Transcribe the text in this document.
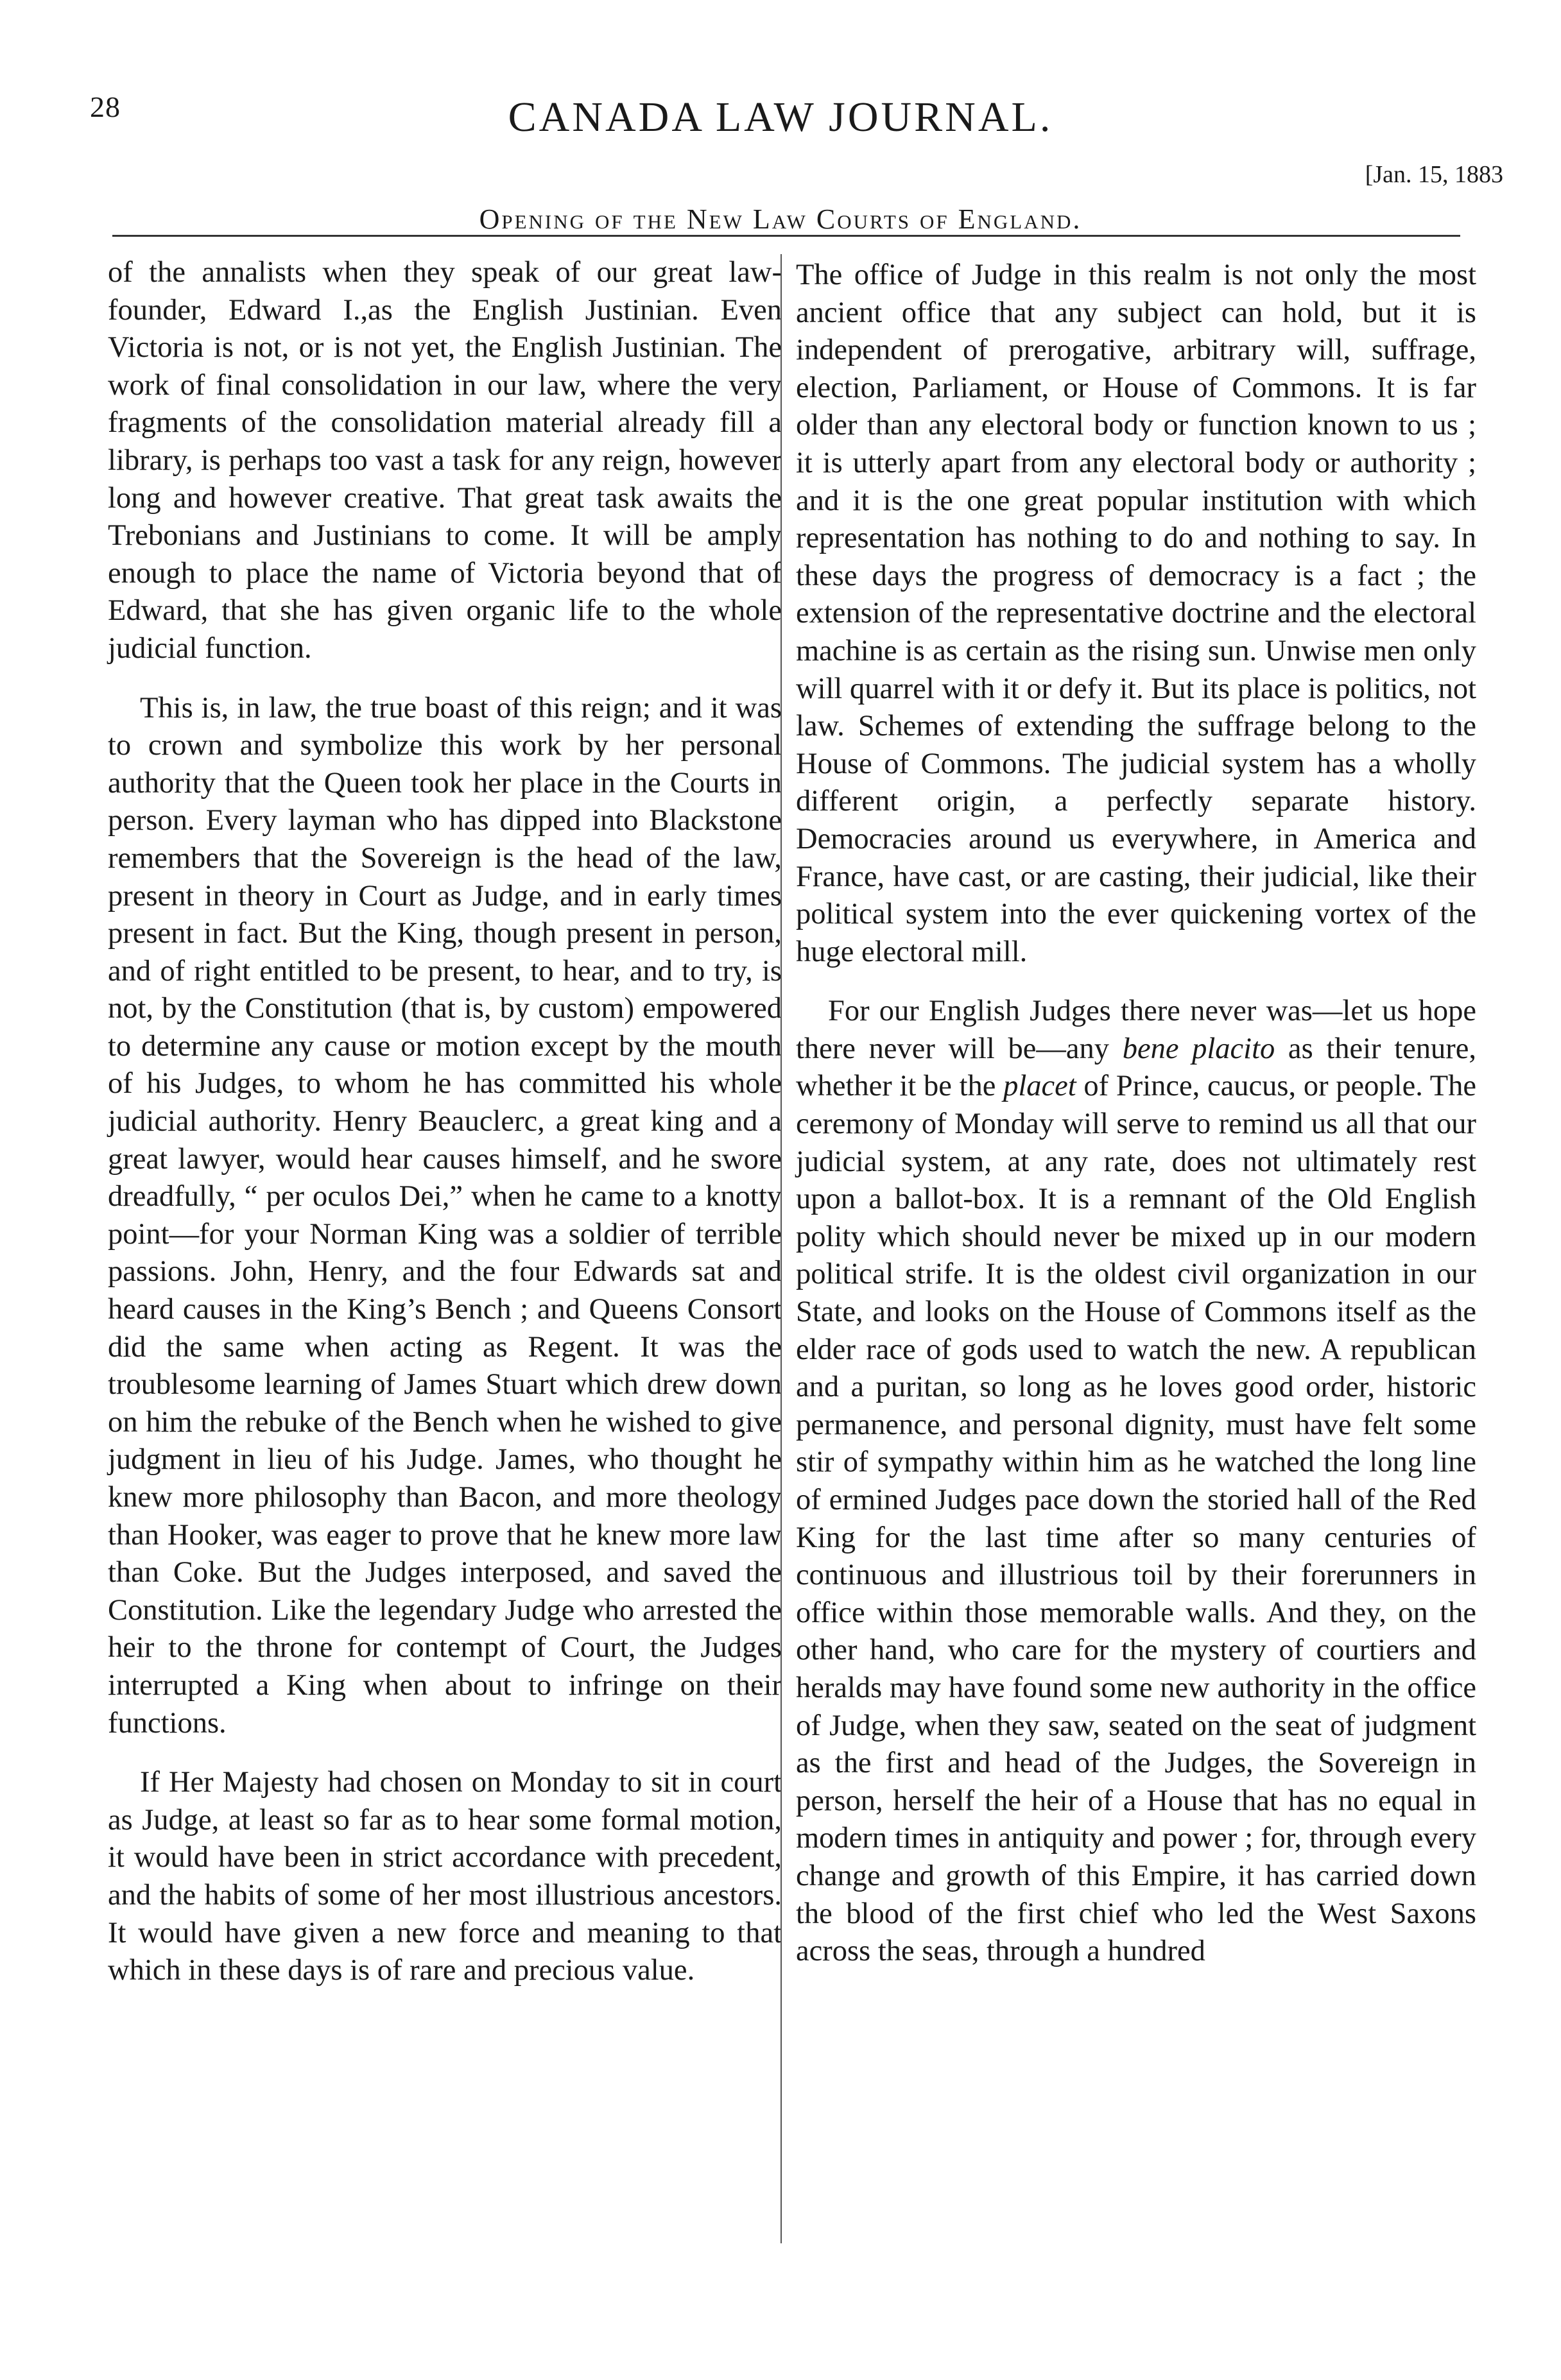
28	CANADA LAW JOURNAL.
[Jan. 15, 1883
Opening of the New Law Courts of England.

of the annalists when they speak of our great law-founder, Edward I.,as the English Justinian. Even Victoria is not, or is not yet, the English Justinian. The work of final consolidation in our law, where the very fragments of the consolidation material already fill a library, is perhaps too vast a task for any reign, however long and however creative. That great task awaits the Trebonians and Justinians to come. It will be amply enough to place the name of Victoria beyond that of Edward, that she has given organic life to the whole judicial function.

This is, in law, the true boast of this reign; and it was to crown and symbolize this work by her personal authority that the Queen took her place in the Courts in person. Every layman who has dipped into Blackstone remembers that the Sovereign is the head of the law, present in theory in Court as Judge, and in early times present in fact. But the King, though present in person, and of right entitled to be present, to hear, and to try, is not, by the Constitution (that is, by custom) empowered to determine any cause or motion except by the mouth of his Judges, to whom he has committed his whole judicial authority. Henry Beauclerc, a great king and a great lawyer, would hear causes himself, and he swore dreadfully, “ per oculos Dei,” when he came to a knotty point—for your Norman King was a soldier of terrible passions. John, Henry, and the four Edwards sat and heard causes in the King’s Bench ; and Queens Consort did the same when acting as Regent. It was the troublesome learning of James Stuart which drew down on him the rebuke of the Bench when he wished to give judgment in lieu of his Judge. James, who thought he knew more philosophy than Bacon, and more theology than Hooker, was eager to prove that he knew more law than Coke. But the Judges interposed, and saved the Constitution. Like the legendary Judge who arrested the heir to the throne for contempt of Court, the Judges interrupted a King when about to infringe on their functions.

If Her Majesty had chosen on Monday to sit in court as Judge, at least so far as to hear some formal motion, it would have been in strict accordance with precedent, and the habits of some of her most illustrious ancestors. It would have given a new force and meaning to that which in these days is of rare and precious value.

The office of Judge in this realm is not only the most ancient office that any subject can hold, but it is independent of prerogative, arbitrary will, suffrage, election, Parliament, or House of Commons. It is far older than any electoral body or function known to us ; it is utterly apart from any electoral body or authority ; and it is the one great popular institution with which representation has nothing to do and nothing to say. In these days the progress of democracy is a fact ; the extension of the representative doctrine and the electoral machine is as certain as the rising sun. Unwise men only will quarrel with it or defy it. But its place is politics, not law. Schemes of extending the suffrage belong to the House of Commons. The judicial system has a wholly different origin, a perfectly separate history. Democracies around us everywhere, in America and France, have cast, or are casting, their judicial, like their political system into the ever quickening vortex of the huge electoral mill.

For our English Judges there never was—let us hope there never will be—any bene placito as their tenure, whether it be the placet of Prince, caucus, or people. The ceremony of Monday will serve to remind us all that our judicial system, at any rate, does not ultimately rest upon a ballot-box. It is a remnant of the Old English polity which should never be mixed up in our modern political strife. It is the oldest civil organization in our State, and looks on the House of Commons itself as the elder race of gods used to watch the new. A republican and a puritan, so long as he loves good order, historic permanence, and personal dignity, must have felt some stir of sympathy within him as he watched the long line of ermined Judges pace down the storied hall of the Red King for the last time after so many centuries of continuous and illustrious toil by their forerunners in office within those memorable walls. And they, on the other hand, who care for the mystery of courtiers and heralds may have found some new authority in the office of Judge, when they saw, seated on the seat of judgment as the first and head of the Judges, the Sovereign in person, herself the heir of a House that has no equal in modern times in antiquity and power ; for, through every change and growth of this Empire, it has carried down the blood of the first chief who led the West Saxons across the seas, through a hundred
